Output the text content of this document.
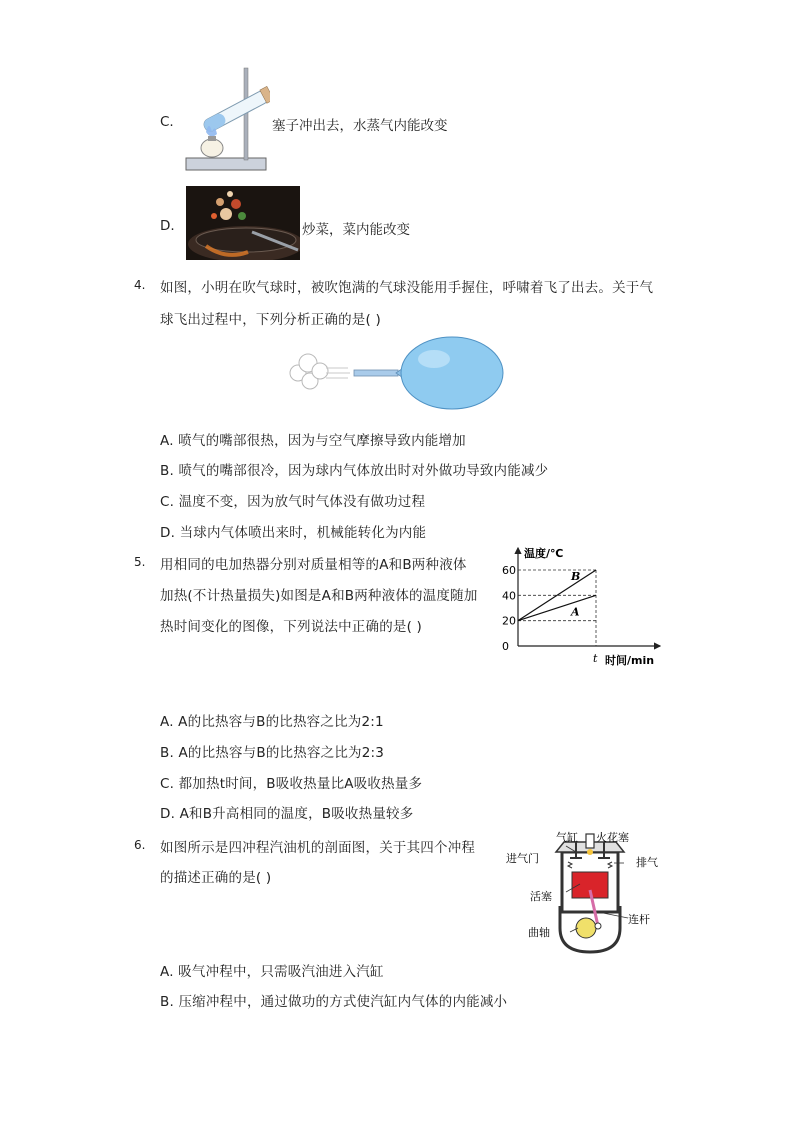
C.	塞子冲出去，水蒸气内能改变
D.	炒菜，菜内能改变
4. 如图，小明在吹气球时，被吹饱满的气球没能用手握住，呼啸着飞了出去。关于气
球飞出过程中，下列分析正确的是( )
A. 喷气的嘴部很热，因为与空气摩擦导致内能增加
B. 喷气的嘴部很冷，因为球内气体放出时对外做功导致内能减少
C. 温度不变，因为放气时气体没有做功过程
D. 当球内气体喷出来时，机械能转化为内能
5. 用相同的电加热器分别对质量相等的A和B两种液体
加热(不计热量损失)如图是A和B两种液体的温度随加
热时间变化的图像，下列说法中正确的是( )
温度/℃
时间/min
0
20
40
60
t
B
A
A. A的比热容与B的比热容之比为2:1
B. A的比热容与B的比热容之比为2:3
C. 都加热t时间，B吸收热量比A吸收热量多
D. A和B升高相同的温度，B吸收热量较多
6. 如图所示是四冲程汽油机的剖面图，关于其四个冲程
的描述正确的是( )
气缸 火花塞
进气门	排气
活塞
连杆
曲轴
A. 吸气冲程中，只需吸汽油进入汽缸
B. 压缩冲程中，通过做功的方式使汽缸内气体的内能减小
